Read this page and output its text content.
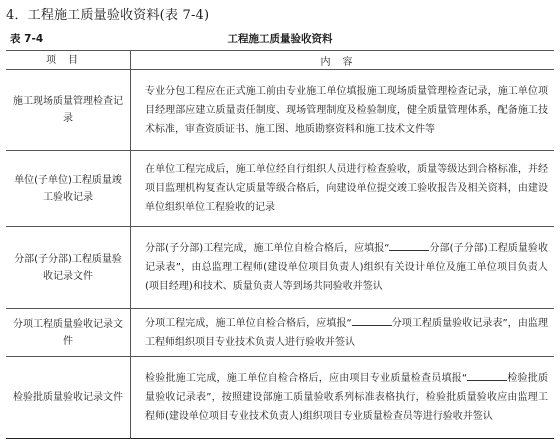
4．工程施工质量验收资料(表 7-4)
表 7-4	工程施工质量验收资料
项目	内容
施工现场质量管理检查记录	专业分包工程应在正式施工前由专业施工单位填报施工现场质量管理检查记录，施工单位项目经理部应建立质量责任制度、现场管理制度及检验制度，健全质量管理体系，配备施工技术标准，审查资质证书、施工图、地质勘察资料和施工技术文件等
单位(子单位)工程质量竣工验收记录	在单位工程完成后，施工单位经自行组织人员进行检查验收，质量等级达到合格标准，并经项目监理机构复查认定质量等级合格后，向建设单位提交竣工验收报告及相关资料，由建设单位组织单位工程验收的记录
分部(子分部)工程质量验收记录文件	分部(子分部)工程完成，施工单位自检合格后，应填报“ 分部(子分部)工程质量验收记录表”，由总监理工程师(建设单位项目负责人)组织有关设计单位及施工单位项目负责人(项目经理)和技术、质量负责人等到场共同验收并签认
分项工程质量验收记录文件	分项工程完成，施工单位自检合格后，应填报“ 分项工程质量验收记录表”，由监理工程师组织项目专业技术负责人进行验收并签认
检验批质量验收记录文件	检验批施工完成，施工单位自检合格后，应由项目专业质量检查员填报“ 检验批质量验收记录表”，按照建设部施工质量验收系列标准表格执行，检验批质量验收应由监理工程师(建设单位项目专业技术负责人)组织项目专业质量检查员等进行验收并签认
